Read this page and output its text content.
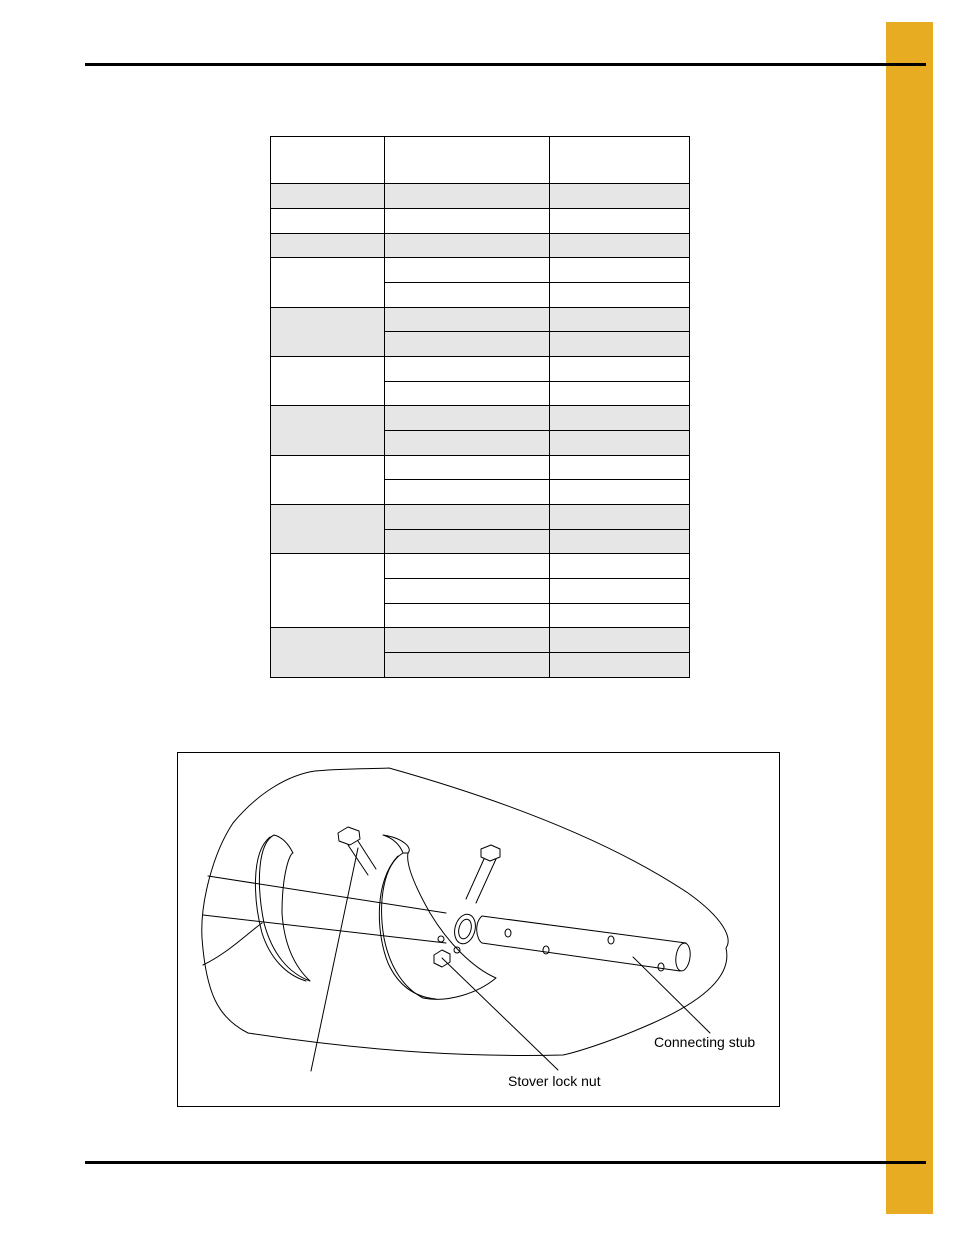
Connecting stub
Stover lock nut
